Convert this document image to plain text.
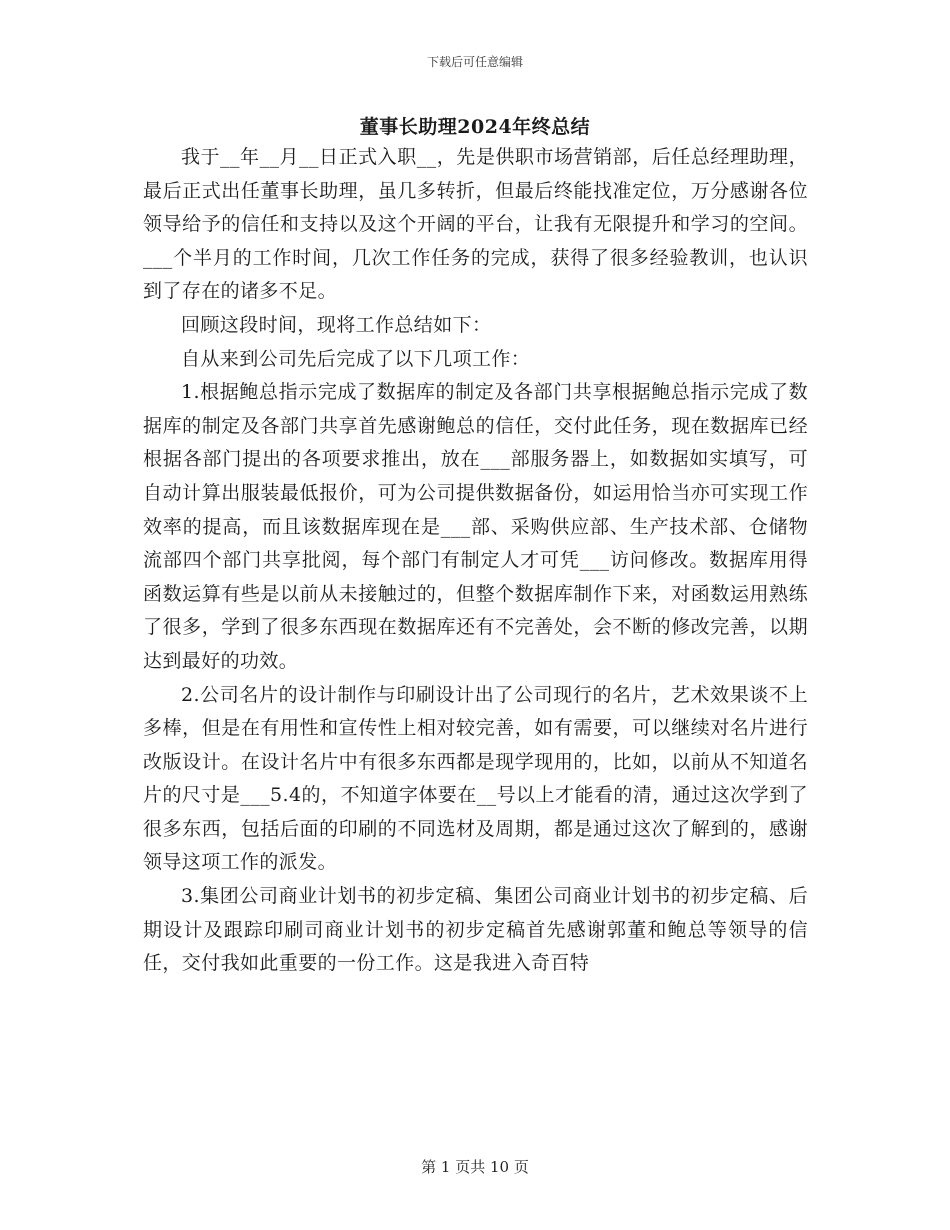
下载后可任意编辑
董事长助理2024年终总结

我于__年__月__日正式入职__，先是供职市场营销部，后任总经理助理，最后正式出任董事长助理，虽几多转折，但最后终能找准定位，万分感谢各位领导给予的信任和支持以及这个开阔的平台，让我有无限提升和学习的空间。___个半月的工作时间，几次工作任务的完成，获得了很多经验教训，也认识到了存在的诸多不足。

回顾这段时间，现将工作总结如下：

自从来到公司先后完成了以下几项工作：

1.根据鲍总指示完成了数据库的制定及各部门共享根据鲍总指示完成了数据库的制定及各部门共享首先感谢鲍总的信任，交付此任务，现在数据库已经根据各部门提出的各项要求推出，放在___部服务器上，如数据如实填写，可自动计算出服装最低报价，可为公司提供数据备份，如运用恰当亦可实现工作效率的提高，而且该数据库现在是___部、采购供应部、生产技术部、仓储物流部四个部门共享批阅，每个部门有制定人才可凭___访问修改。数据库用得函数运算有些是以前从未接触过的，但整个数据库制作下来，对函数运用熟练了很多，学到了很多东西现在数据库还有不完善处，会不断的修改完善，以期达到最好的功效。

2.公司名片的设计制作与印刷设计出了公司现行的名片，艺术效果谈不上多棒，但是在有用性和宣传性上相对较完善，如有需要，可以继续对名片进行改版设计。在设计名片中有很多东西都是现学现用的，比如，以前从不知道名片的尺寸是___5.4的，不知道字体要在__号以上才能看的清，通过这次学到了很多东西，包括后面的印刷的不同选材及周期，都是通过这次了解到的，感谢领导这项工作的派发。

3.集团公司商业计划书的初步定稿、集团公司商业计划书的初步定稿、后期设计及跟踪印刷司商业计划书的初步定稿首先感谢郭董和鲍总等领导的信任，交付我如此重要的一份工作。这是我进入奇百特

第 1 页共 10 页
